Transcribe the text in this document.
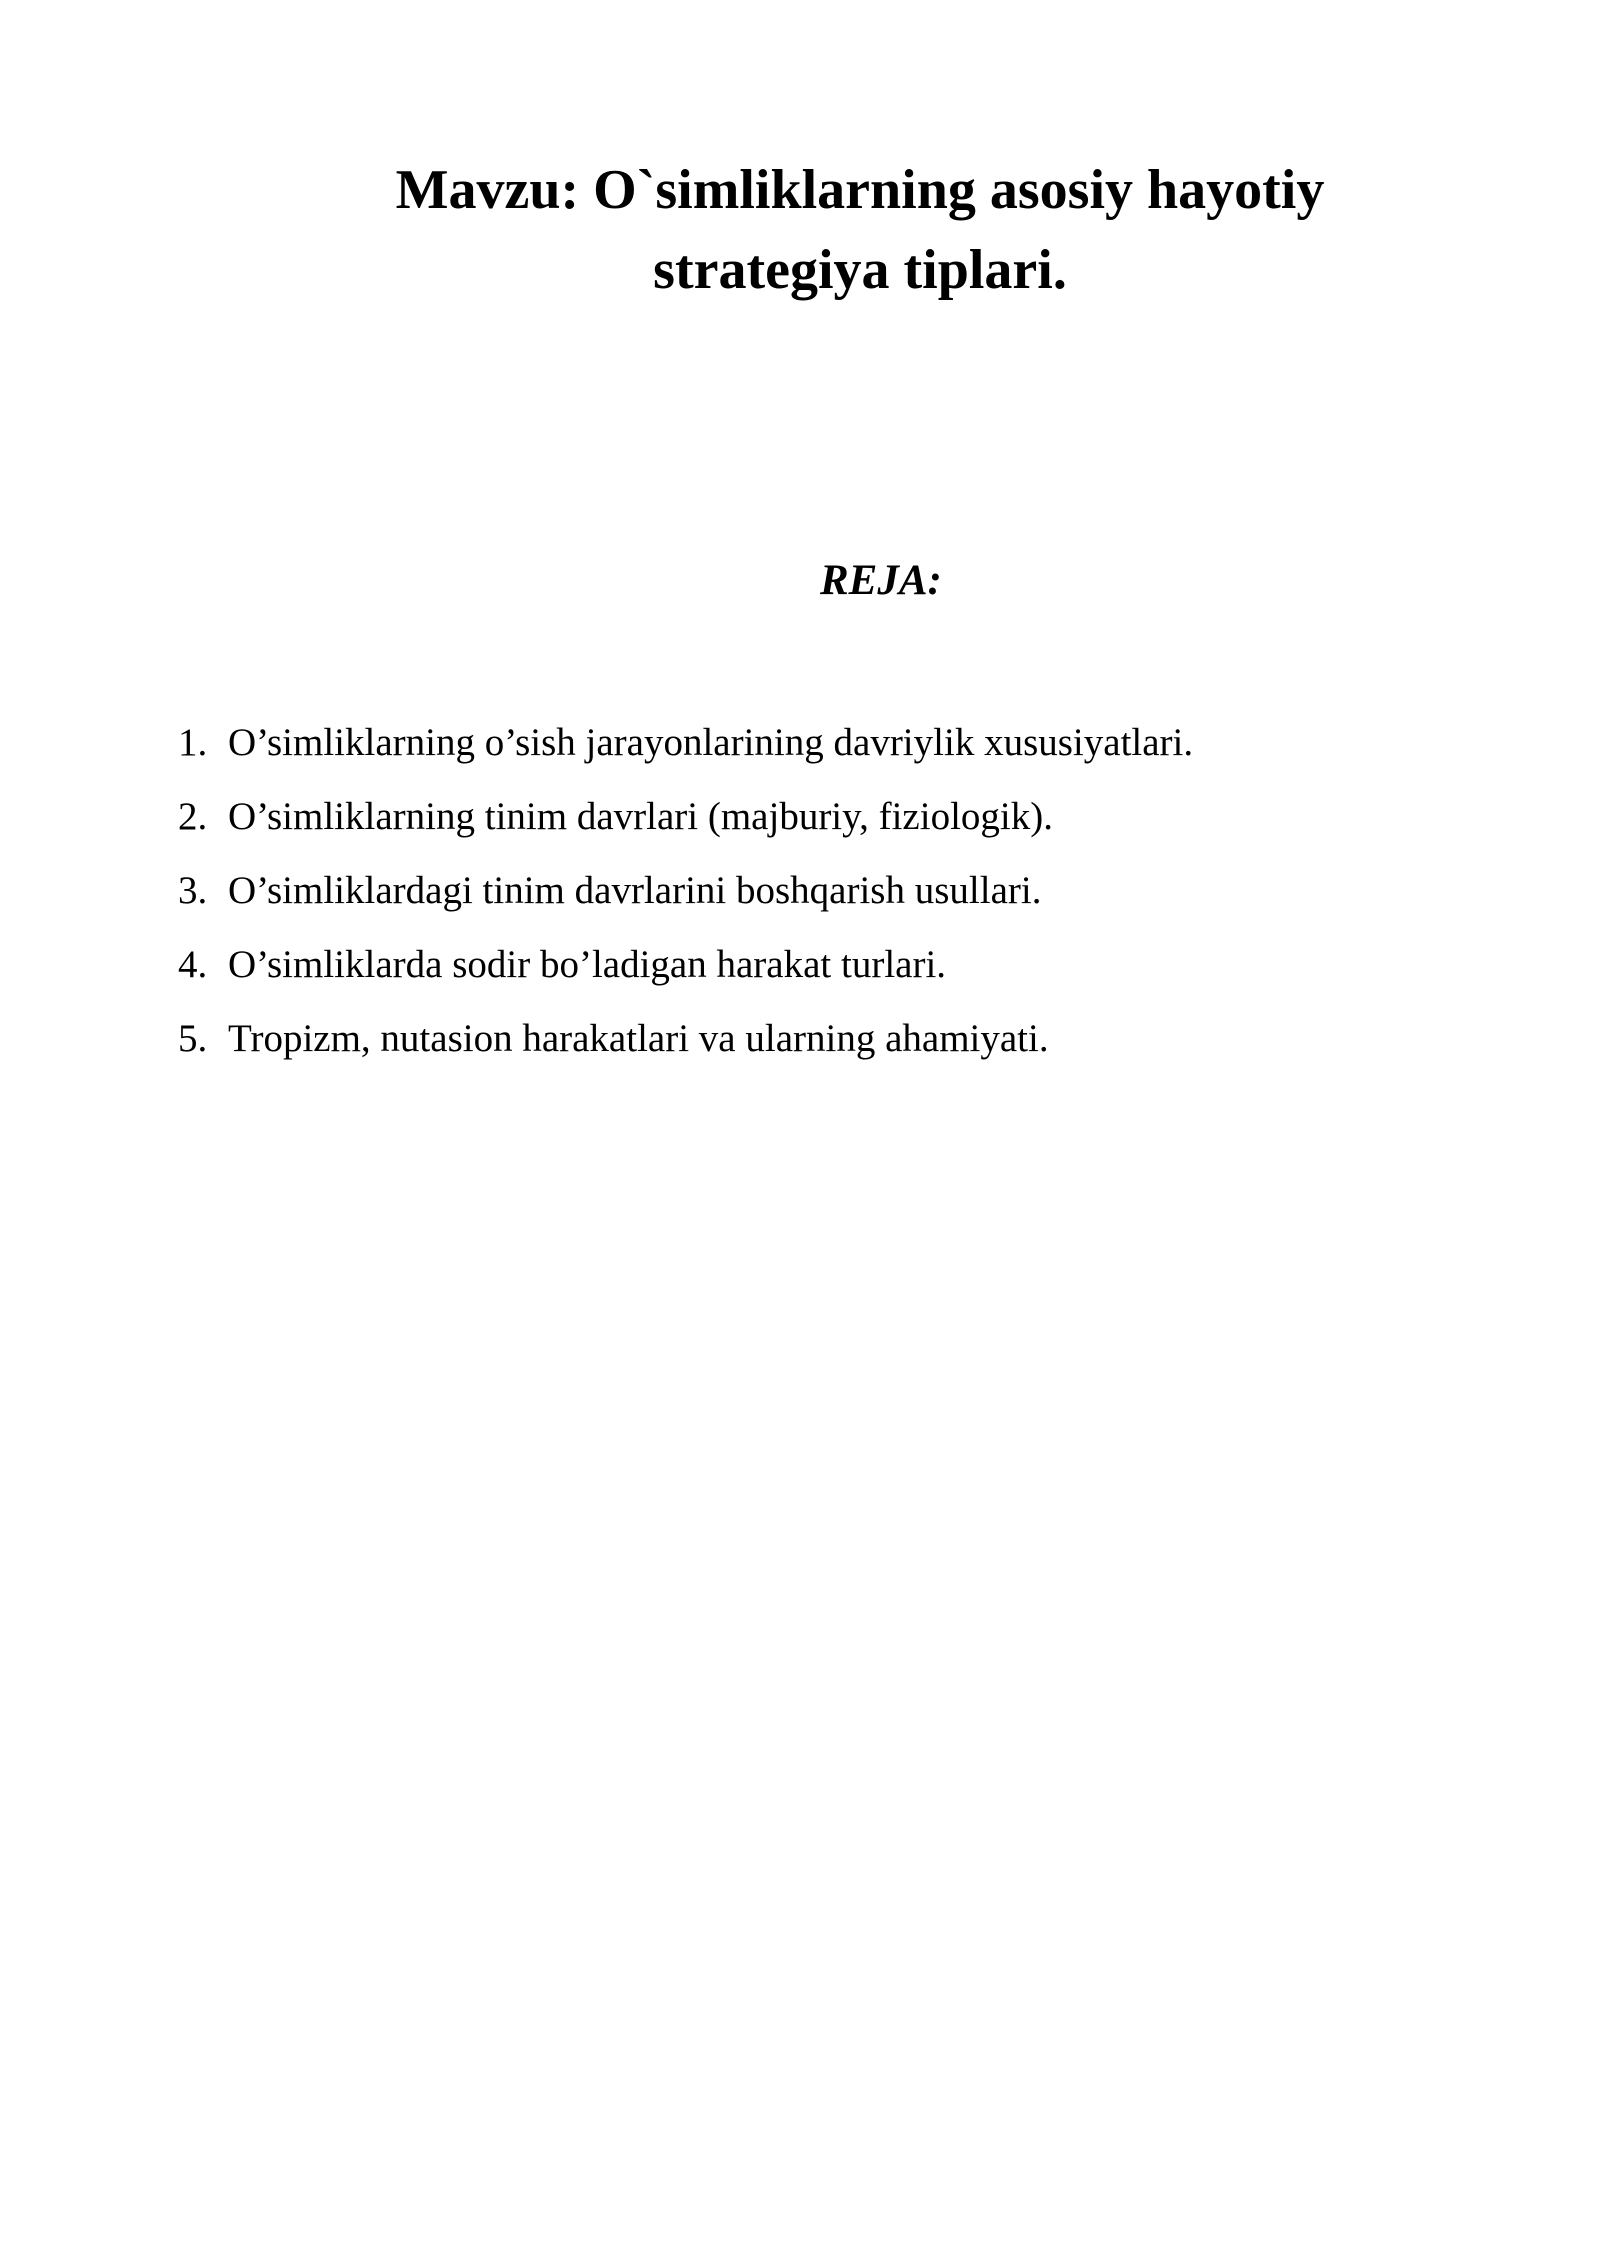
Mavzu: O`simliklarning asosiy hayotiy
strategiya tiplari.
REJA:
1. O’simliklarning o’sish jarayonlarining davriylik xususiyatlari.
2. O’simliklarning tinim davrlari (majburiy, fiziologik).
3. O’simliklardagi tinim davrlarini boshqarish usullari.
4. O’simliklarda sodir bo’ladigan harakat turlari.
5. Tropizm, nutasion harakatlari va ularning ahamiyati.
